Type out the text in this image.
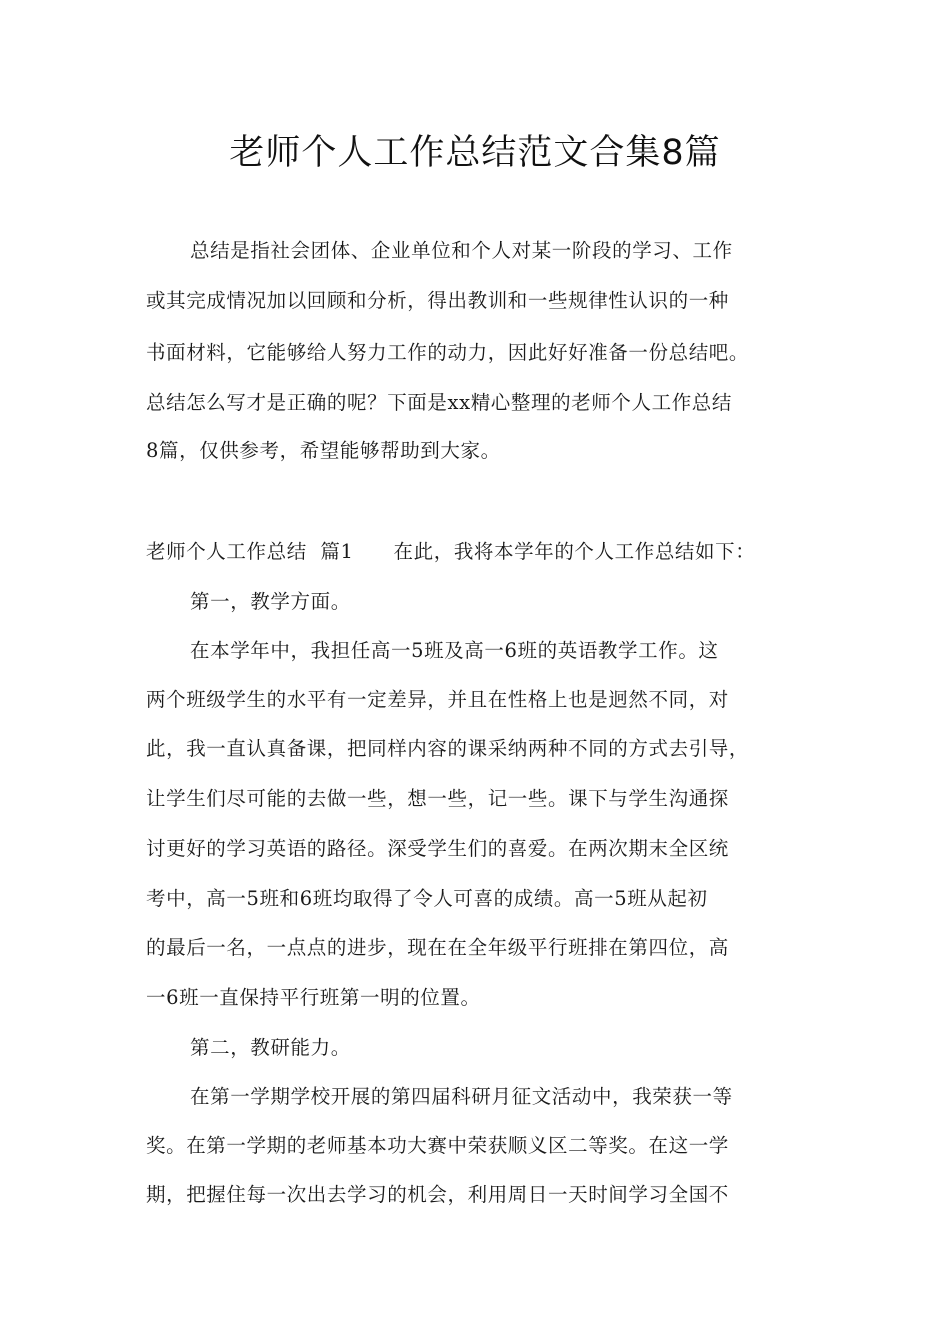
老师个人工作总结范文合集8篇
总结是指社会团体、企业单位和个人对某一阶段的学习、工作
或其完成情况加以回顾和分析，得出教训和一些规律性认识的一种
书面材料，它能够给人努力工作的动力，因此好好准备一份总结吧。
总结怎么写才是正确的呢？下面是xx精心整理的老师个人工作总结
8篇，仅供参考，希望能够帮助到大家。
老师个人工作总结  篇1 在此，我将本学年的个人工作总结如下：
第一，教学方面。
在本学年中，我担任高一5班及高一6班的英语教学工作。这
两个班级学生的水平有一定差异，并且在性格上也是迥然不同，对
此，我一直认真备课，把同样内容的课采纳两种不同的方式去引导，
让学生们尽可能的去做一些，想一些，记一些。课下与学生沟通探
讨更好的学习英语的路径。深受学生们的喜爱。在两次期末全区统
考中，高一5班和6班均取得了令人可喜的成绩。高一5班从起初
的最后一名，一点点的进步，现在在全年级平行班排在第四位，高
一6班一直保持平行班第一明的位置。
第二，教研能力。
在第一学期学校开展的第四届科研月征文活动中，我荣获一等
奖。在第一学期的老师基本功大赛中荣获顺义区二等奖。在这一学
期，把握住每一次出去学习的机会，利用周日一天时间学习全国不
